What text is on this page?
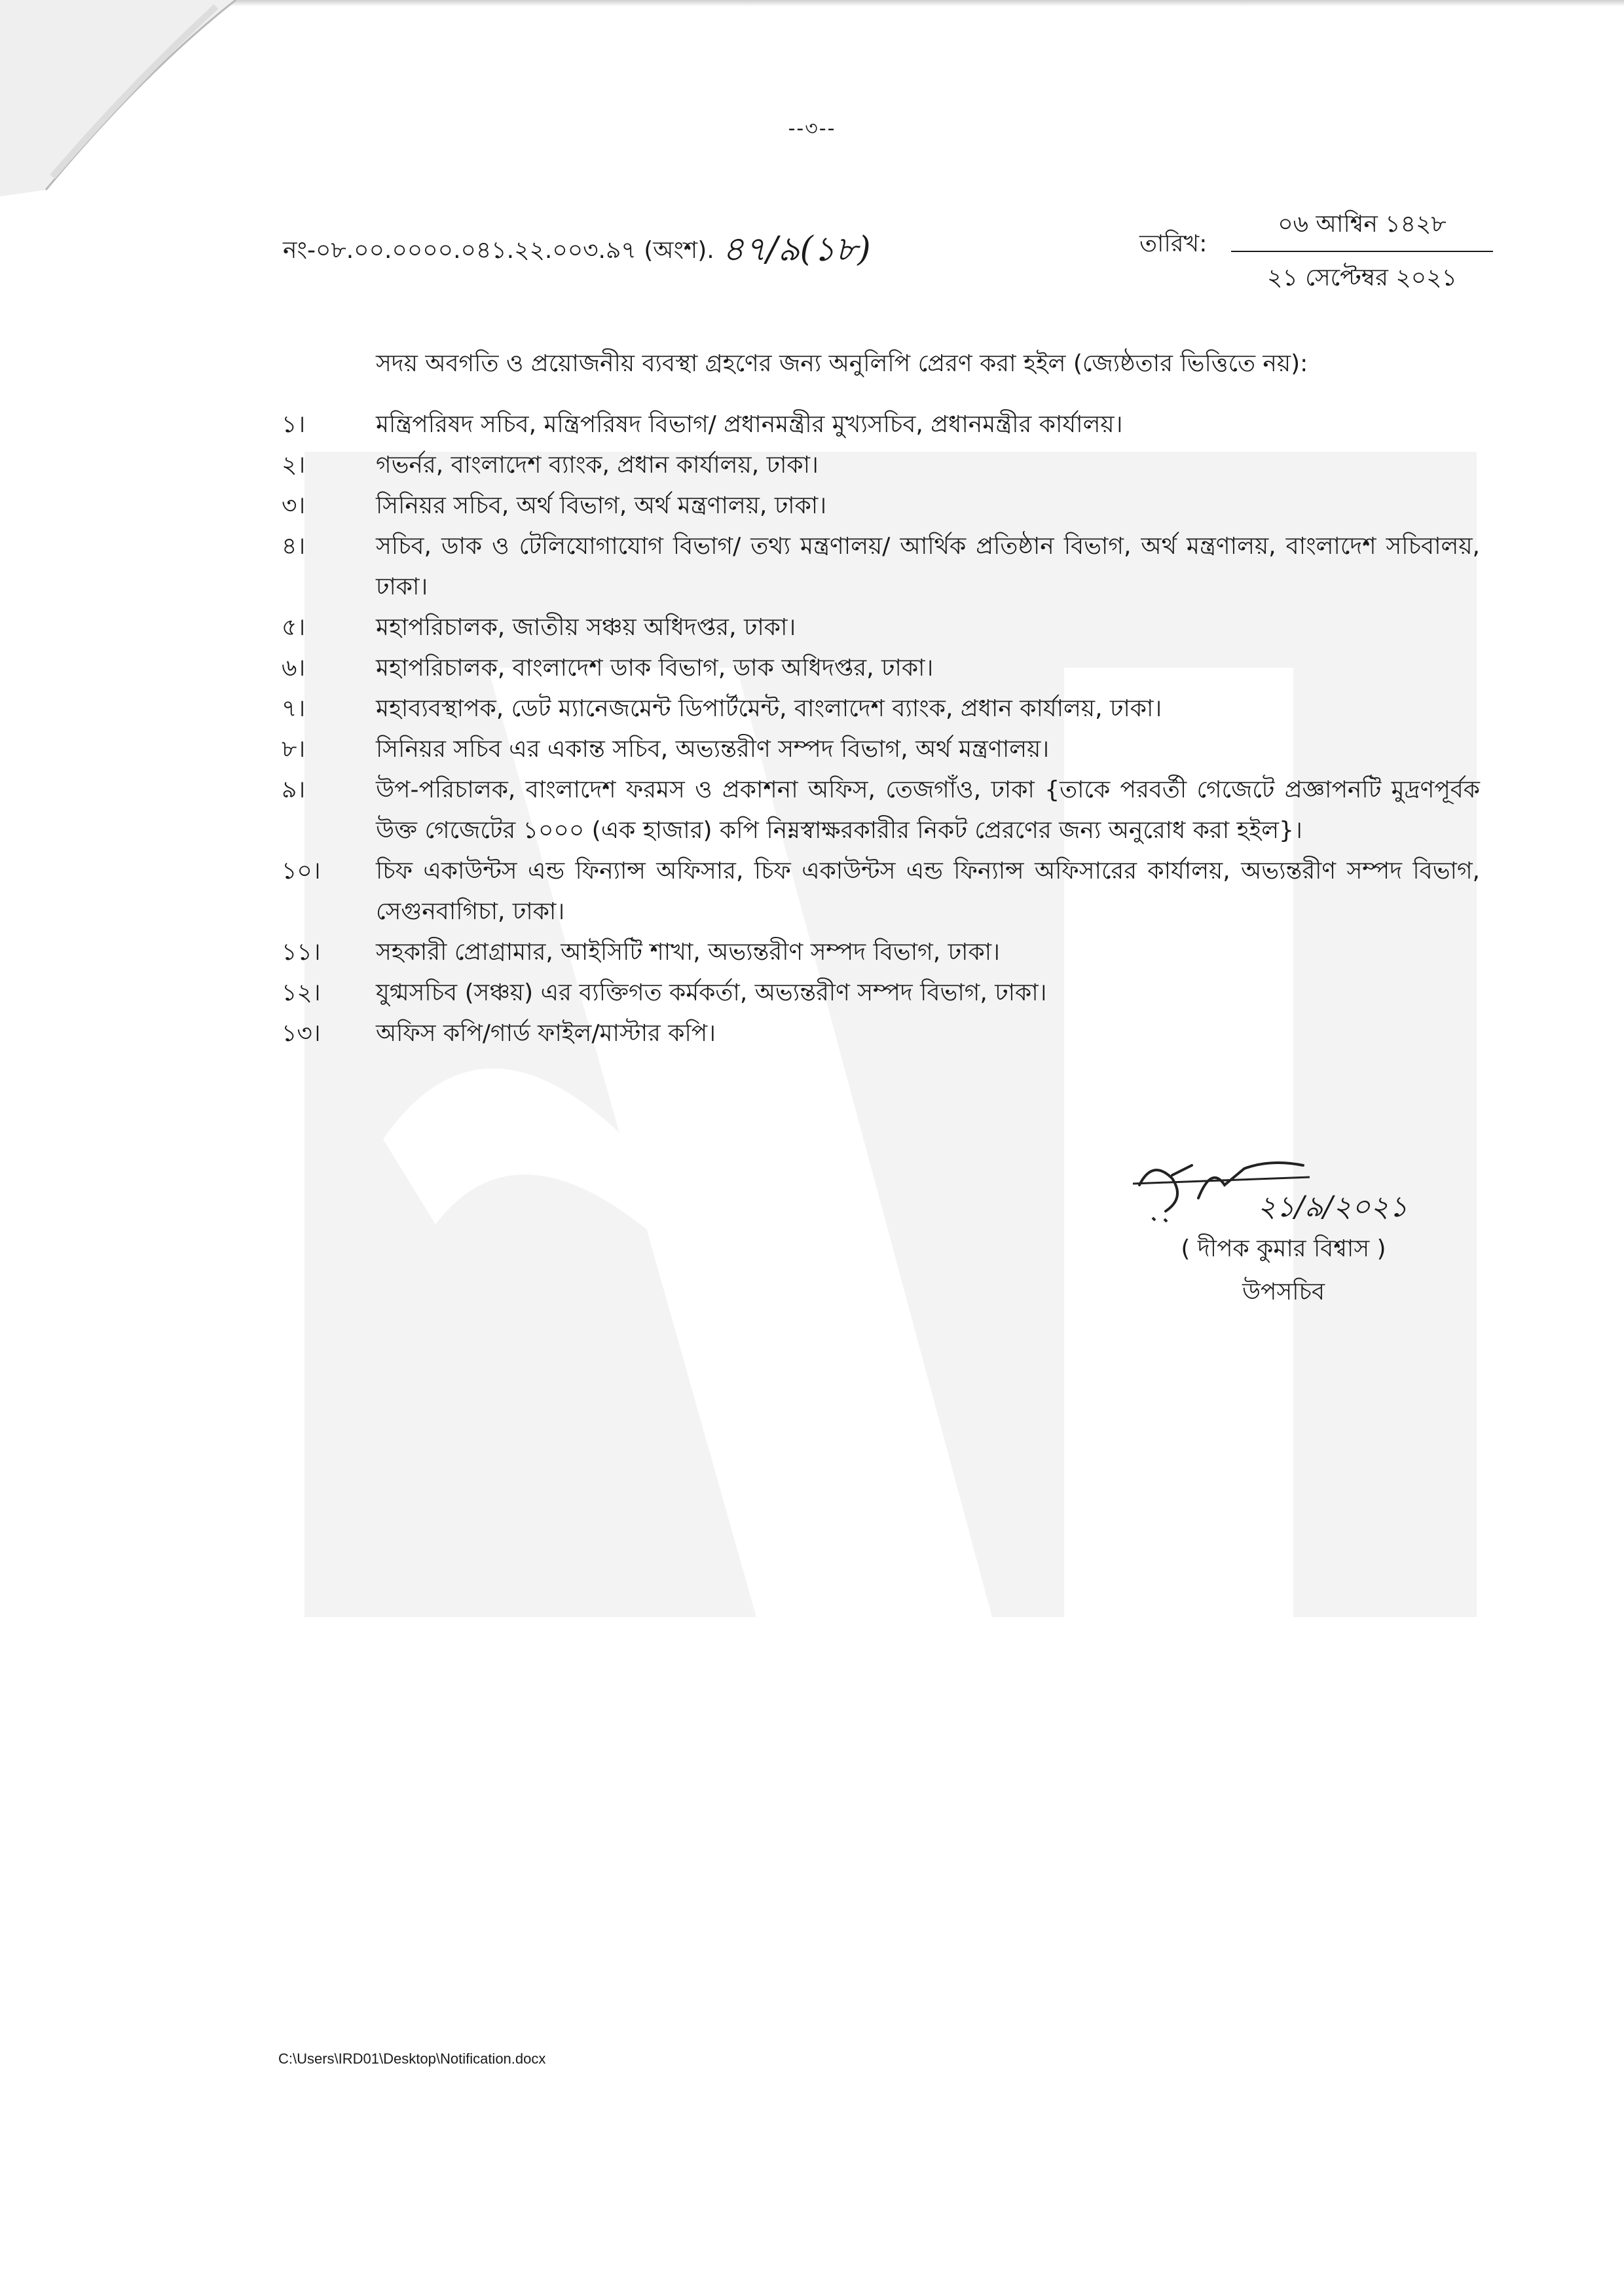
--৩--
নং-০৮.০০.০০০০.০৪১.২২.০০৩.৯৭ (অংশ). ৪৭/৯(১৮)	তারিখ:
০৬ আশ্বিন ১৪২৮
২১ সেপ্টেম্বর ২০২১
সদয় অবগতি ও প্রয়োজনীয় ব্যবস্থা গ্রহণের জন্য অনুলিপি প্রেরণ করা হইল (জ্যেষ্ঠতার ভিত্তিতে নয়):
১।	মন্ত্রিপরিষদ সচিব, মন্ত্রিপরিষদ বিভাগ/ প্রধানমন্ত্রীর মুখ্যসচিব, প্রধানমন্ত্রীর কার্যালয়।
২।	গভর্নর, বাংলাদেশ ব্যাংক, প্রধান কার্যালয়, ঢাকা।
৩।	সিনিয়র সচিব, অর্থ বিভাগ, অর্থ মন্ত্রণালয়, ঢাকা।
৪।	সচিব, ডাক ও টেলিযোগাযোগ বিভাগ/ তথ্য মন্ত্রণালয়/ আর্থিক প্রতিষ্ঠান বিভাগ, অর্থ মন্ত্রণালয়, বাংলাদেশ সচিবালয়, ঢাকা।
৫।	মহাপরিচালক, জাতীয় সঞ্চয় অধিদপ্তর, ঢাকা।
৬।	মহাপরিচালক, বাংলাদেশ ডাক বিভাগ, ডাক অধিদপ্তর, ঢাকা।
৭।	মহাব্যবস্থাপক, ডেট ম্যানেজমেন্ট ডিপার্টমেন্ট, বাংলাদেশ ব্যাংক, প্রধান কার্যালয়, ঢাকা।
৮।	সিনিয়র সচিব এর একান্ত সচিব, অভ্যন্তরীণ সম্পদ বিভাগ, অর্থ মন্ত্রণালয়।
৯।	উপ-পরিচালক, বাংলাদেশ ফরমস ও প্রকাশনা অফিস, তেজগাঁও, ঢাকা {তাকে পরবর্তী গেজেটে প্রজ্ঞাপনটি মুদ্রণপূর্বক উক্ত গেজেটের ১০০০ (এক হাজার) কপি নিম্নস্বাক্ষরকারীর নিকট প্রেরণের জন্য অনুরোধ করা হইল}।
১০।	চিফ একাউন্টস এন্ড ফিন্যান্স অফিসার, চিফ একাউন্টস এন্ড ফিন্যান্স অফিসারের কার্যালয়, অভ্যন্তরীণ সম্পদ বিভাগ, সেগুনবাগিচা, ঢাকা।
১১।	সহকারী প্রোগ্রামার, আইসিটি শাখা, অভ্যন্তরীণ সম্পদ বিভাগ, ঢাকা।
১২।	যুগ্মসচিব (সঞ্চয়) এর ব্যক্তিগত কর্মকর্তা, অভ্যন্তরীণ সম্পদ বিভাগ, ঢাকা।
১৩।	অফিস কপি/গার্ড ফাইল/মাস্টার কপি।
২১/৯/২০২১
( দীপক কুমার বিশ্বাস )
উপসচিব
C:\Users\IRD01\Desktop\Notification.docx
